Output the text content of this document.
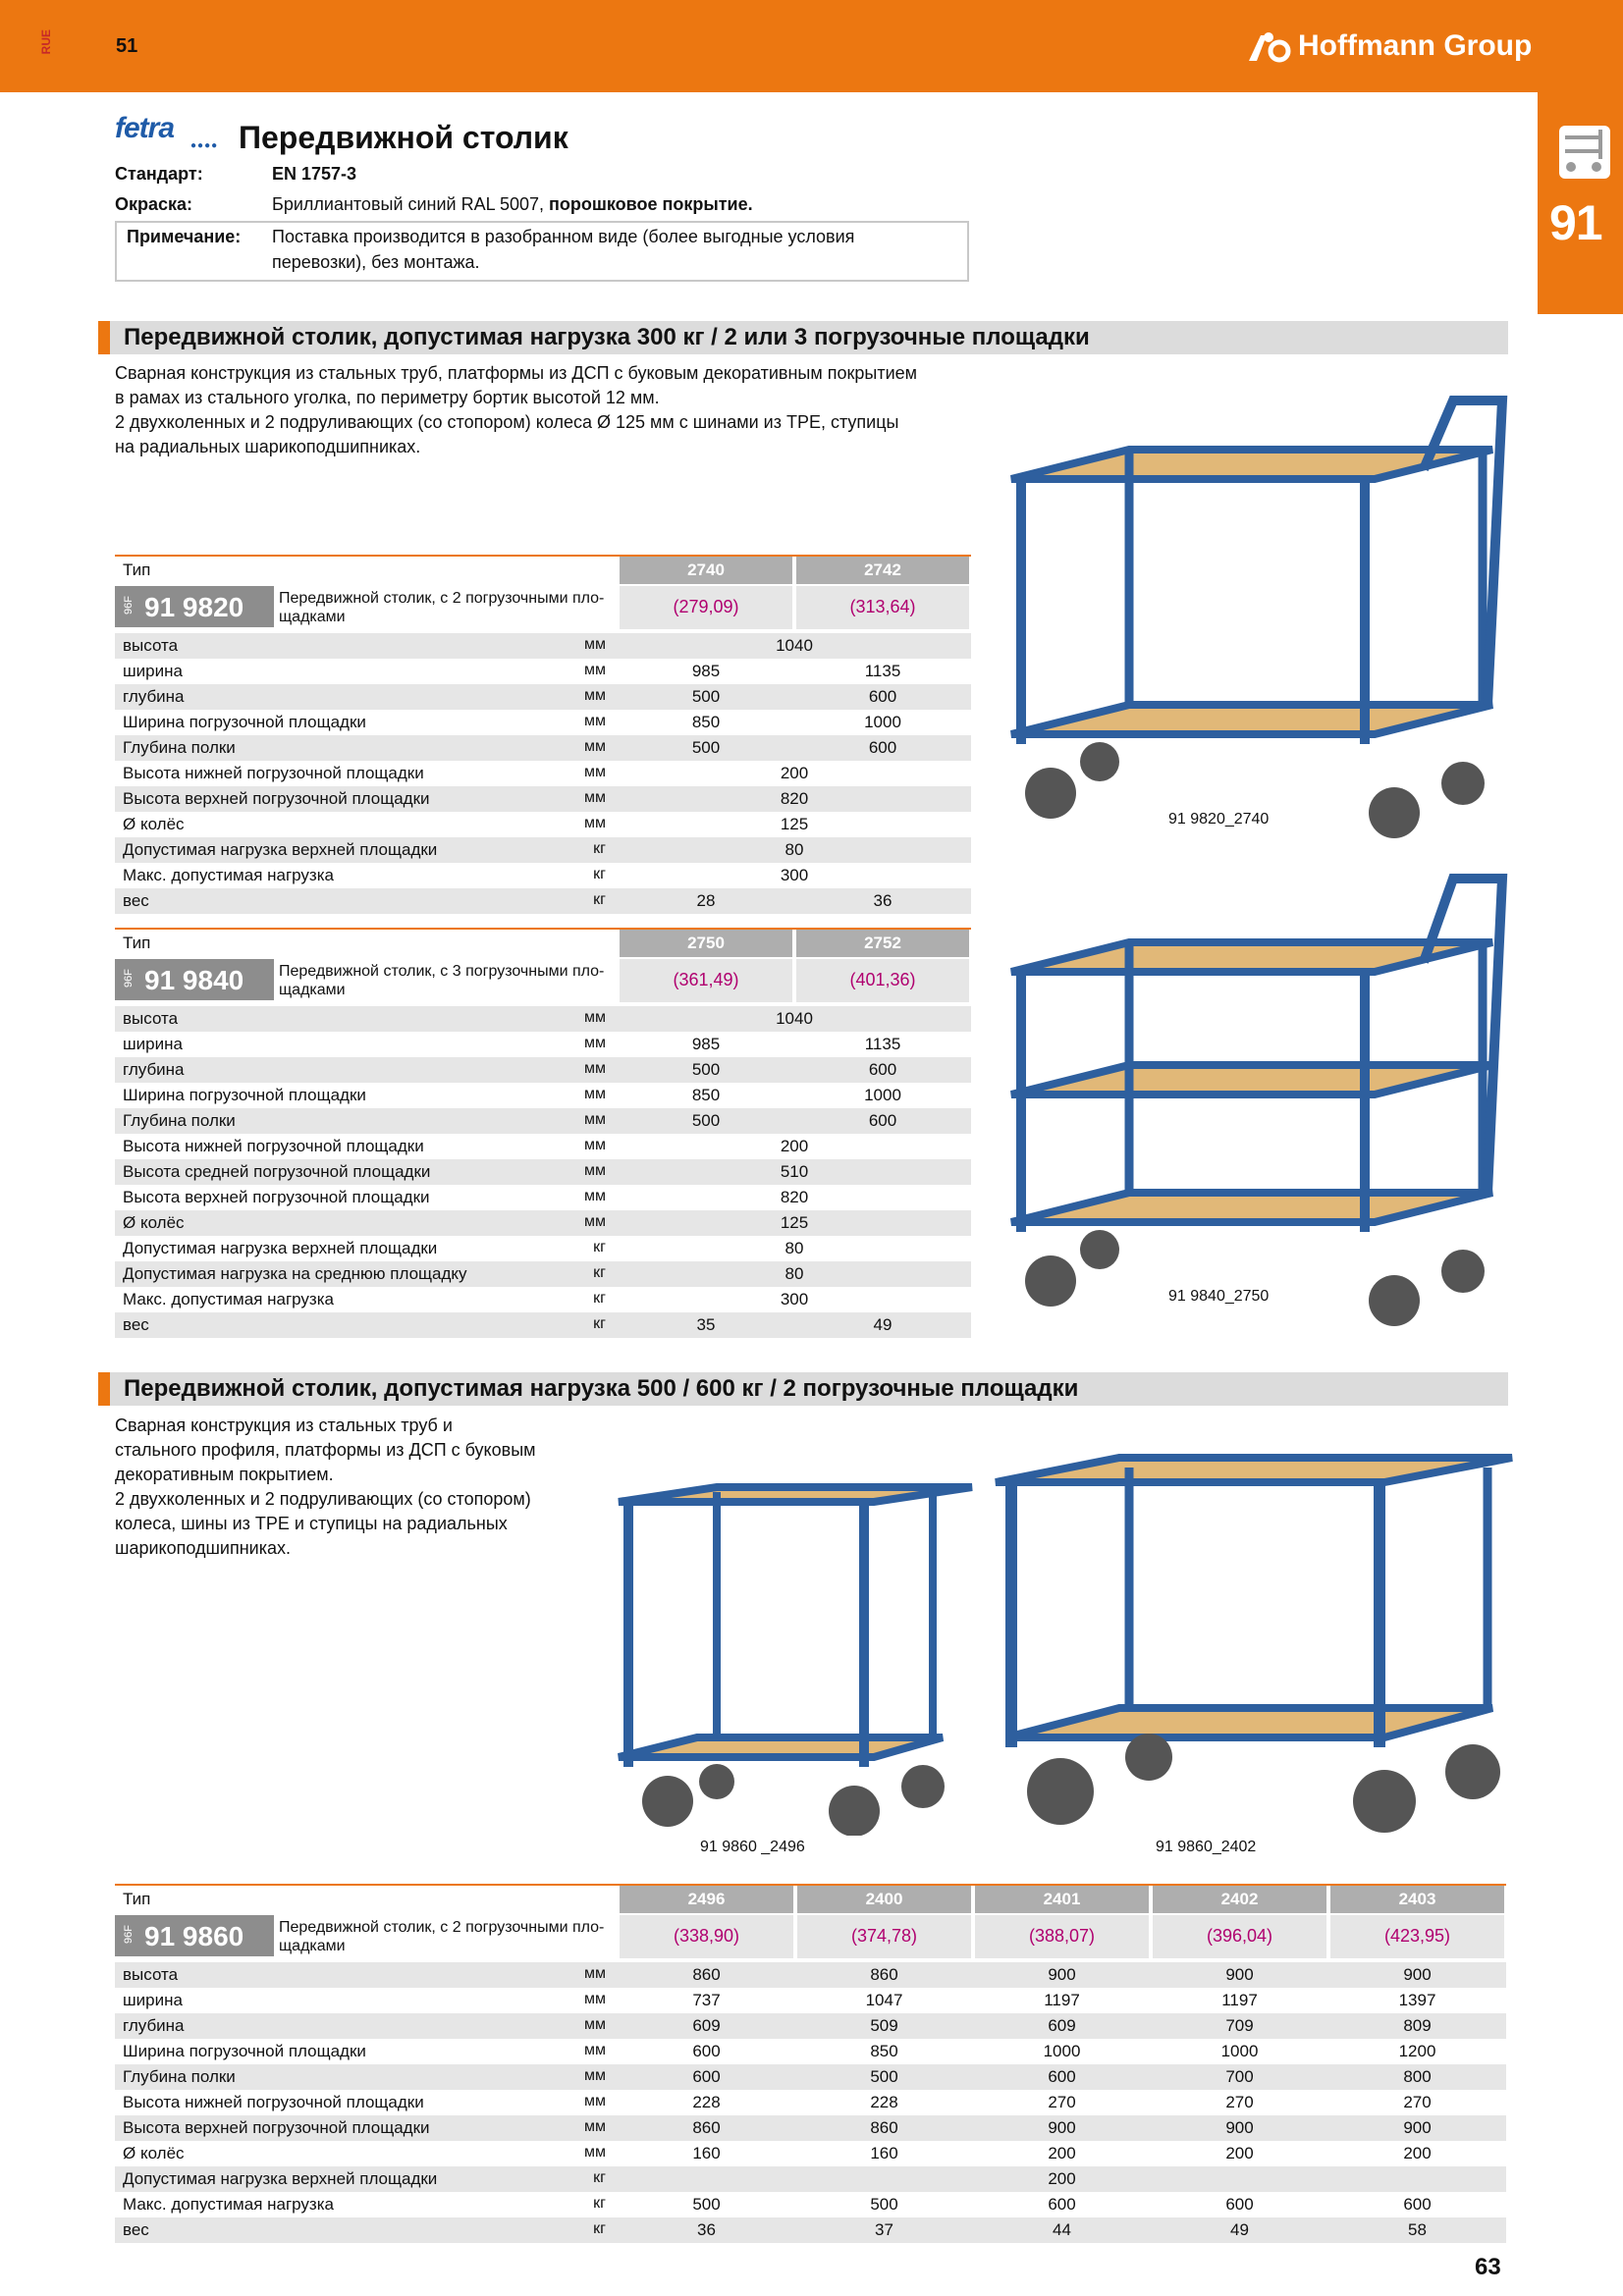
RUE	51	Hoffmann Group
91
fetra
●●●● Передвижной столик
Стандарт:	EN 1757-3
Окраска:	Бриллиантовый синий RAL 5007, порошковое покрытие.
Примечание: Поставка производится в разобранном виде (более выгодные условия
перевозки), без монтажа.
Передвижной столик, допустимая нагрузка 300 кг / 2 или 3 погрузочные площадки
Сварная конструкция из стальных труб, платформы из ДСП с буковым декоративным покрытием
в рамах из стального уголка, по периметру бортик высотой 12 мм.
2 двухколенных и 2 подруливающих (со стопором) колеса Ø 125 мм с шинами из TPE, ступицы
на радиальных шарикоподшипниках.
91 9820_2740
91 9840_2750
Тип	2740	2742
96F 91 9820 Передвижной столик, с 2 погрузочными пло-
щадками
(279,09)	(313,64)
высота	мм	1040
ширина	мм	985	1135
глубина	мм	500	600
Ширина погрузочной площадки	мм	850	1000
Глубина полки	мм	500	600
Высота нижней погрузочной площадки	мм	200
Высота верхней погрузочной площадки	мм	820
Ø колёс	мм	125
Допустимая нагрузка верхней площадки	кг	80
Макс. допустимая нагрузка	кг	300
вес	кг	28	36
Тип	2750	2752
96F 91 9840 Передвижной столик, с 3 погрузочными пло-
щадками
(361,49)	(401,36)
высота	мм	1040
ширина	мм	985	1135
глубина	мм	500	600
Ширина погрузочной площадки	мм	850	1000
Глубина полки	мм	500	600
Высота нижней погрузочной площадки	мм	200
Высота средней погрузочной площадки	мм	510
Высота верхней погрузочной площадки	мм	820
Ø колёс	мм	125
Допустимая нагрузка верхней площадки	кг	80
Допустимая нагрузка на среднюю площадку	кг	80
Макс. допустимая нагрузка	кг	300
вес	кг	35	49
Передвижной столик, допустимая нагрузка 500 / 600 кг / 2 погрузочные площадки
Сварная конструкция из стальных труб и
стального профиля, платформы из ДСП с буковым
декоративным покрытием.
2 двухколенных и 2 подруливающих (со стопором)
колеса, шины из TPE и ступицы на радиальных
шарикоподшипниках.
91 9860 _2496	91 9860_2402
Тип	2496	2400	2401	2402	2403
96F 91 9860 Передвижной столик, с 2 погрузочными пло-
щадками
(338,90)	(374,78)	(388,07)	(396,04)	(423,95)
высота	мм	860	860	900	900	900
ширина	мм	737	1047	1197	1197	1397
глубина	мм	609	509	609	709	809
Ширина погрузочной площадки	мм	600	850	1000	1000	1200
Глубина полки	мм	600	500	600	700	800
Высота нижней погрузочной площадки	мм	228	228	270	270	270
Высота верхней погрузочной площадки	мм	860	860	900	900	900
Ø колёс	мм	160	160	200	200	200
Допустимая нагрузка верхней площадки	кг	200
Макс. допустимая нагрузка	кг	500	500	600	600	600
вес	кг	36	37	44	49	58
63
